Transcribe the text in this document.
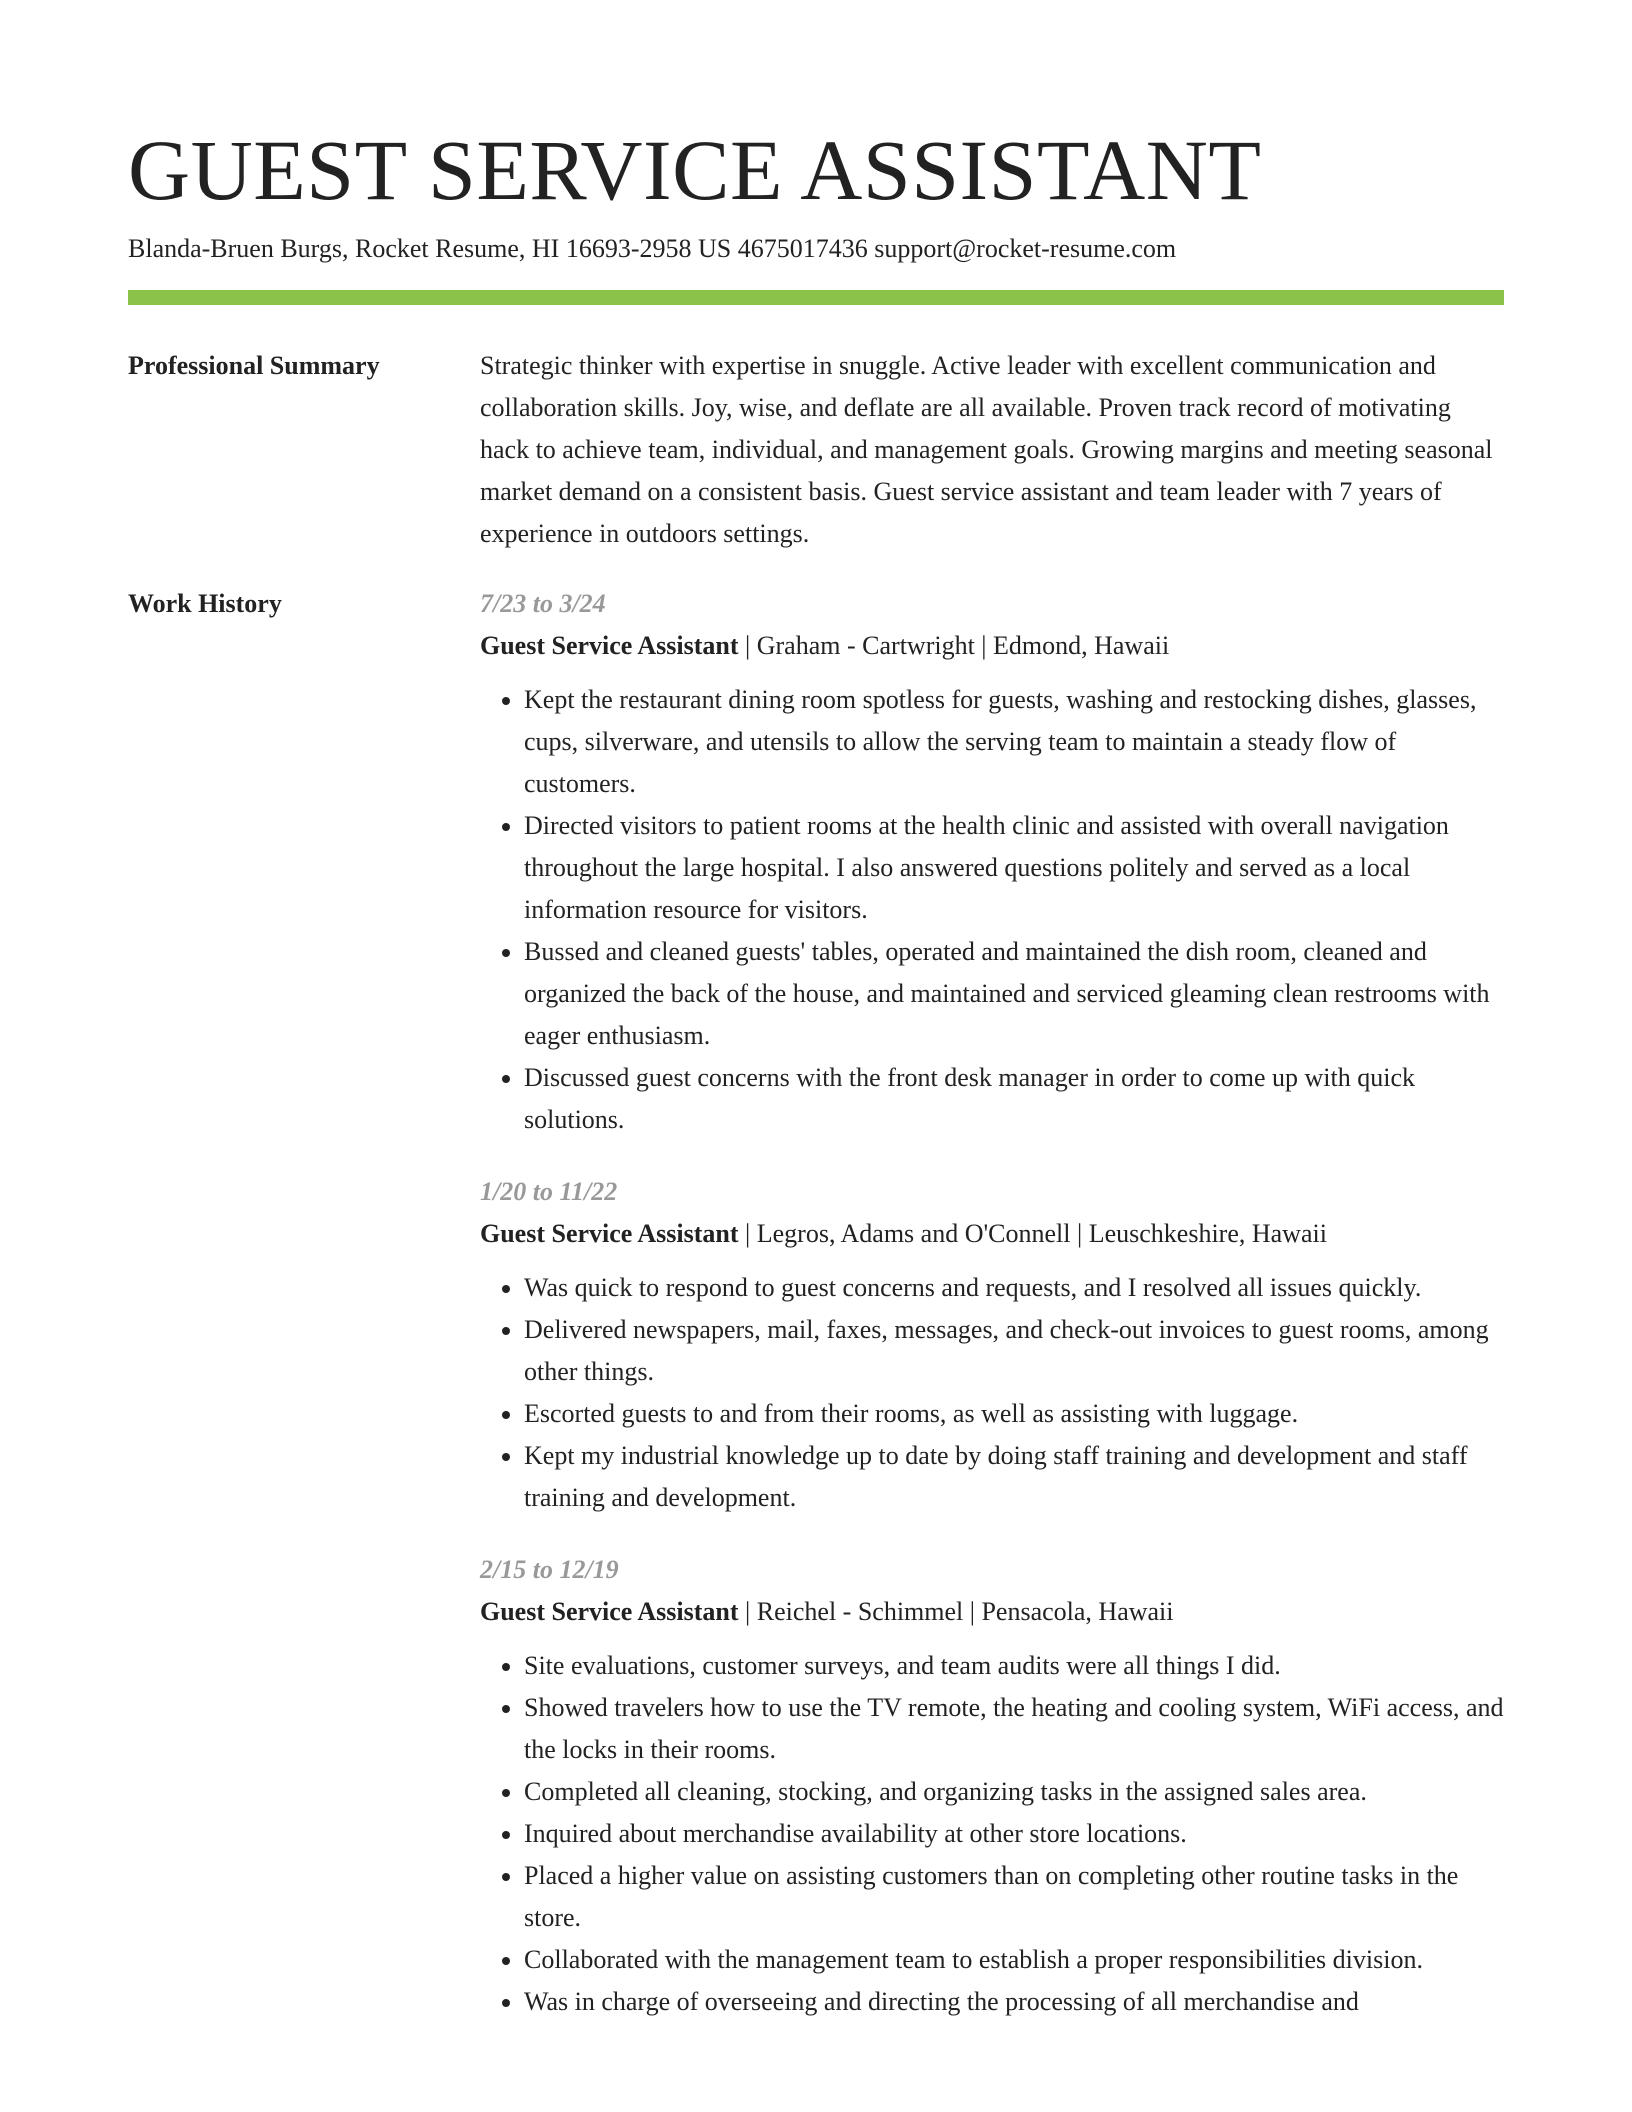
GUEST SERVICE ASSISTANT
Blanda-Bruen Burgs, Rocket Resume, HI 16693-2958 US 4675017436 support@rocket-resume.com
Professional Summary	Strategic thinker with expertise in snuggle. Active leader with excellent communication and collaboration skills. Joy, wise, and deflate are all available. Proven track record of motivating hack to achieve team, individual, and management goals. Growing margins and meeting seasonal market demand on a consistent basis. Guest service assistant and team leader with 7 years of experience in outdoors settings.

Work History	7/23 to 3/24
Guest Service Assistant | Graham - Cartwright | Edmond, Hawaii
• Kept the restaurant dining room spotless for guests, washing and restocking dishes, glasses, cups, silverware, and utensils to allow the serving team to maintain a steady flow of customers.
• Directed visitors to patient rooms at the health clinic and assisted with overall navigation throughout the large hospital. I also answered questions politely and served as a local information resource for visitors.
• Bussed and cleaned guests' tables, operated and maintained the dish room, cleaned and organized the back of the house, and maintained and serviced gleaming clean restrooms with eager enthusiasm.
• Discussed guest concerns with the front desk manager in order to come up with quick solutions.
1/20 to 11/22
Guest Service Assistant | Legros, Adams and O'Connell | Leuschkeshire, Hawaii
• Was quick to respond to guest concerns and requests, and I resolved all issues quickly.
• Delivered newspapers, mail, faxes, messages, and check-out invoices to guest rooms, among other things.
• Escorted guests to and from their rooms, as well as assisting with luggage.
• Kept my industrial knowledge up to date by doing staff training and development and staff training and development.
2/15 to 12/19
Guest Service Assistant | Reichel - Schimmel | Pensacola, Hawaii
• Site evaluations, customer surveys, and team audits were all things I did.
• Showed travelers how to use the TV remote, the heating and cooling system, WiFi access, and the locks in their rooms.
• Completed all cleaning, stocking, and organizing tasks in the assigned sales area.
• Inquired about merchandise availability at other store locations.
• Placed a higher value on assisting customers than on completing other routine tasks in the store.
• Collaborated with the management team to establish a proper responsibilities division.
• Was in charge of overseeing and directing the processing of all merchandise and
